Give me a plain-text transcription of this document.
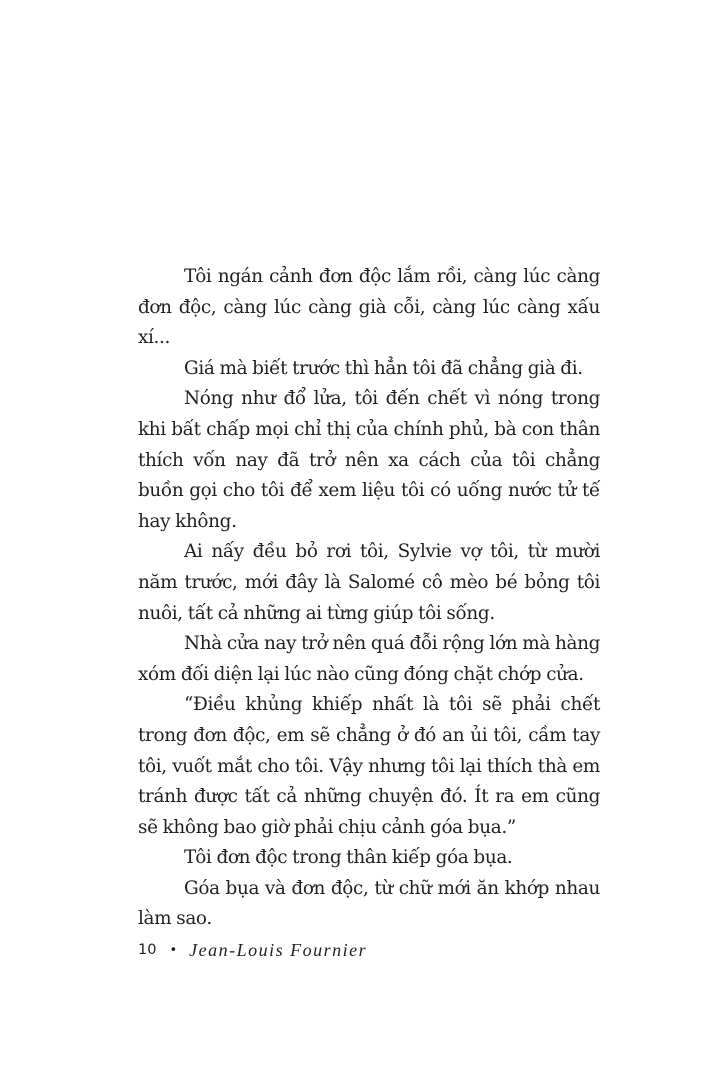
Tôi ngán cảnh đơn độc lắm rồi, càng lúc càng đơn độc, càng lúc càng già cỗi, càng lúc càng xấu xí...

Giá mà biết trước thì hẳn tôi đã chẳng già đi.

Nóng như đổ lửa, tôi đến chết vì nóng trong khi bất chấp mọi chỉ thị của chính phủ, bà con thân thích vốn nay đã trở nên xa cách của tôi chẳng buồn gọi cho tôi để xem liệu tôi có uống nước tử tế hay không.

Ai nấy đều bỏ rơi tôi, Sylvie vợ tôi, từ mười năm trước, mới đây là Salomé cô mèo bé bỏng tôi nuôi, tất cả những ai từng giúp tôi sống.

Nhà cửa nay trở nên quá đỗi rộng lớn mà hàng xóm đối diện lại lúc nào cũng đóng chặt chớp cửa.

“Điều khủng khiếp nhất là tôi sẽ phải chết trong đơn độc, em sẽ chẳng ở đó an ủi tôi, cầm tay tôi, vuốt mắt cho tôi. Vậy nhưng tôi lại thích thà em tránh được tất cả những chuyện đó. Ít ra em cũng sẽ không bao giờ phải chịu cảnh góa bụa.”

Tôi đơn độc trong thân kiếp góa bụa.

Góa bụa và đơn độc, từ chữ mới ăn khớp nhau làm sao.

10 • Jean-Louis Fournier
